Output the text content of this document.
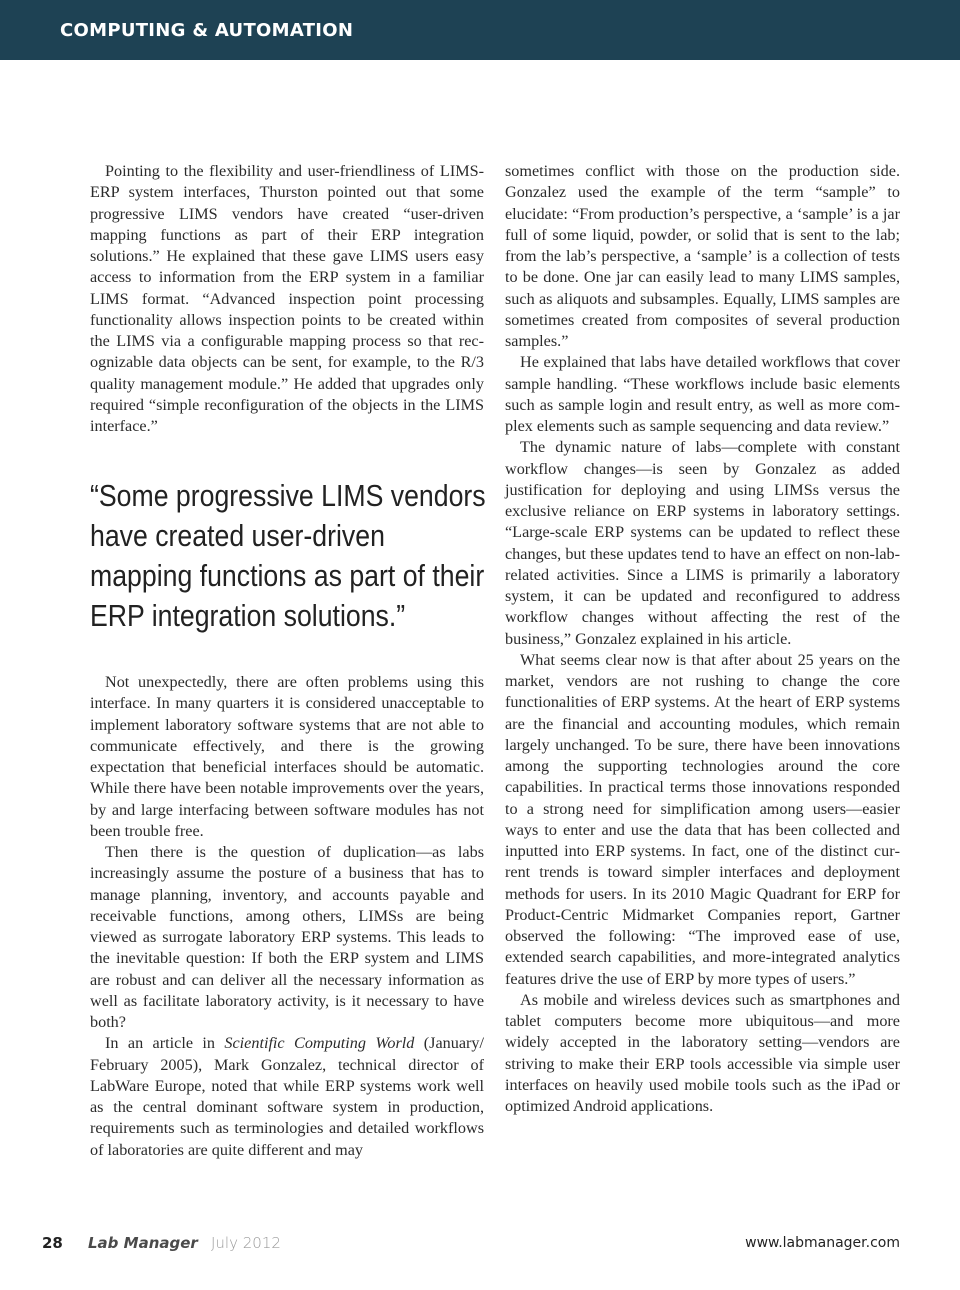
COMPUTING & AUTOMATION

Pointing to the flexibility and user-friendliness of LIMS-ERP system interfaces, Thurston pointed out that some progressive LIMS vendors have created “user-driven mapping functions as part of their ERP integration solutions.” He explained that these gave LIMS users easy access to information from the ERP system in a familiar LIMS format. “Advanced inspection point processing functionality allows inspection points to be created within the LIMS via a configurable mapping process so that recognizable data objects can be sent, for example, to the R/3 quality management module.” He added that upgrades only required “simple reconfiguration of the objects in the LIMS interface.”

“Some progressive LIMS vendors have created user-driven mapping functions as part of their ERP integration solutions.”

Not unexpectedly, there are often problems using this interface. In many quarters it is considered unacceptable to implement laboratory software systems that are not able to communicate effectively, and there is the growing expectation that beneficial interfaces should be automatic. While there have been notable improvements over the years, by and large interfacing between software modules has not been trouble free.

Then there is the question of duplication—as labs increasingly assume the posture of a business that has to manage planning, inventory, and accounts payable and receivable functions, among others, LIMSs are being viewed as surrogate laboratory ERP systems. This leads to the inevitable question: If both the ERP system and LIMS are robust and can deliver all the necessary information as well as facilitate laboratory activity, is it necessary to have both?

In an article in Scientific Computing World (January/ February 2005), Mark Gonzalez, technical director of LabWare Europe, noted that while ERP systems work well as the central dominant software system in production, requirements such as terminologies and detailed workflows of laboratories are quite different and may

sometimes conflict with those on the production side. Gonzalez used the example of the term “sample” to elucidate: “From production’s perspective, a ‘sample’ is a jar full of some liquid, powder, or solid that is sent to the lab; from the lab’s perspective, a ‘sample’ is a collection of tests to be done. One jar can easily lead to many LIMS samples, such as aliquots and subsamples. Equally, LIMS samples are sometimes created from composites of several production samples.”

He explained that labs have detailed workflows that cover sample handling. “These workflows include basic elements such as sample login and result entry, as well as more complex elements such as sample sequencing and data review.”

The dynamic nature of labs—complete with constant workflow changes—is seen by Gonzalez as added justification for deploying and using LIMSs versus the exclusive reliance on ERP systems in laboratory settings. “Large-scale ERP systems can be updated to reflect these changes, but these updates tend to have an effect on non-lab-related activities. Since a LIMS is primarily a laboratory system, it can be updated and reconfigured to address workflow changes without affecting the rest of the business,” Gonzalez explained in his article.

What seems clear now is that after about 25 years on the market, vendors are not rushing to change the core functionalities of ERP systems. At the heart of ERP systems are the financial and accounting modules, which remain largely unchanged. To be sure, there have been innovations among the supporting technologies around the core capabilities. In practical terms those innovations responded to a strong need for simplification among users—easier ways to enter and use the data that has been collected and inputted into ERP systems. In fact, one of the distinct current trends is toward simpler interfaces and deployment methods for users. In its 2010 Magic Quadrant for ERP for Product-Centric Midmarket Companies report, Gartner observed the following: “The improved ease of use, extended search capabilities, and more-integrated analytics features drive the use of ERP by more types of users.”

As mobile and wireless devices such as smartphones and tablet computers become more ubiquitous—and more widely accepted in the laboratory setting—vendors are striving to make their ERP tools accessible via simple user interfaces on heavily used mobile tools such as the iPad or optimized Android applications.

28 Lab Manager July 2012	www.labmanager.com
